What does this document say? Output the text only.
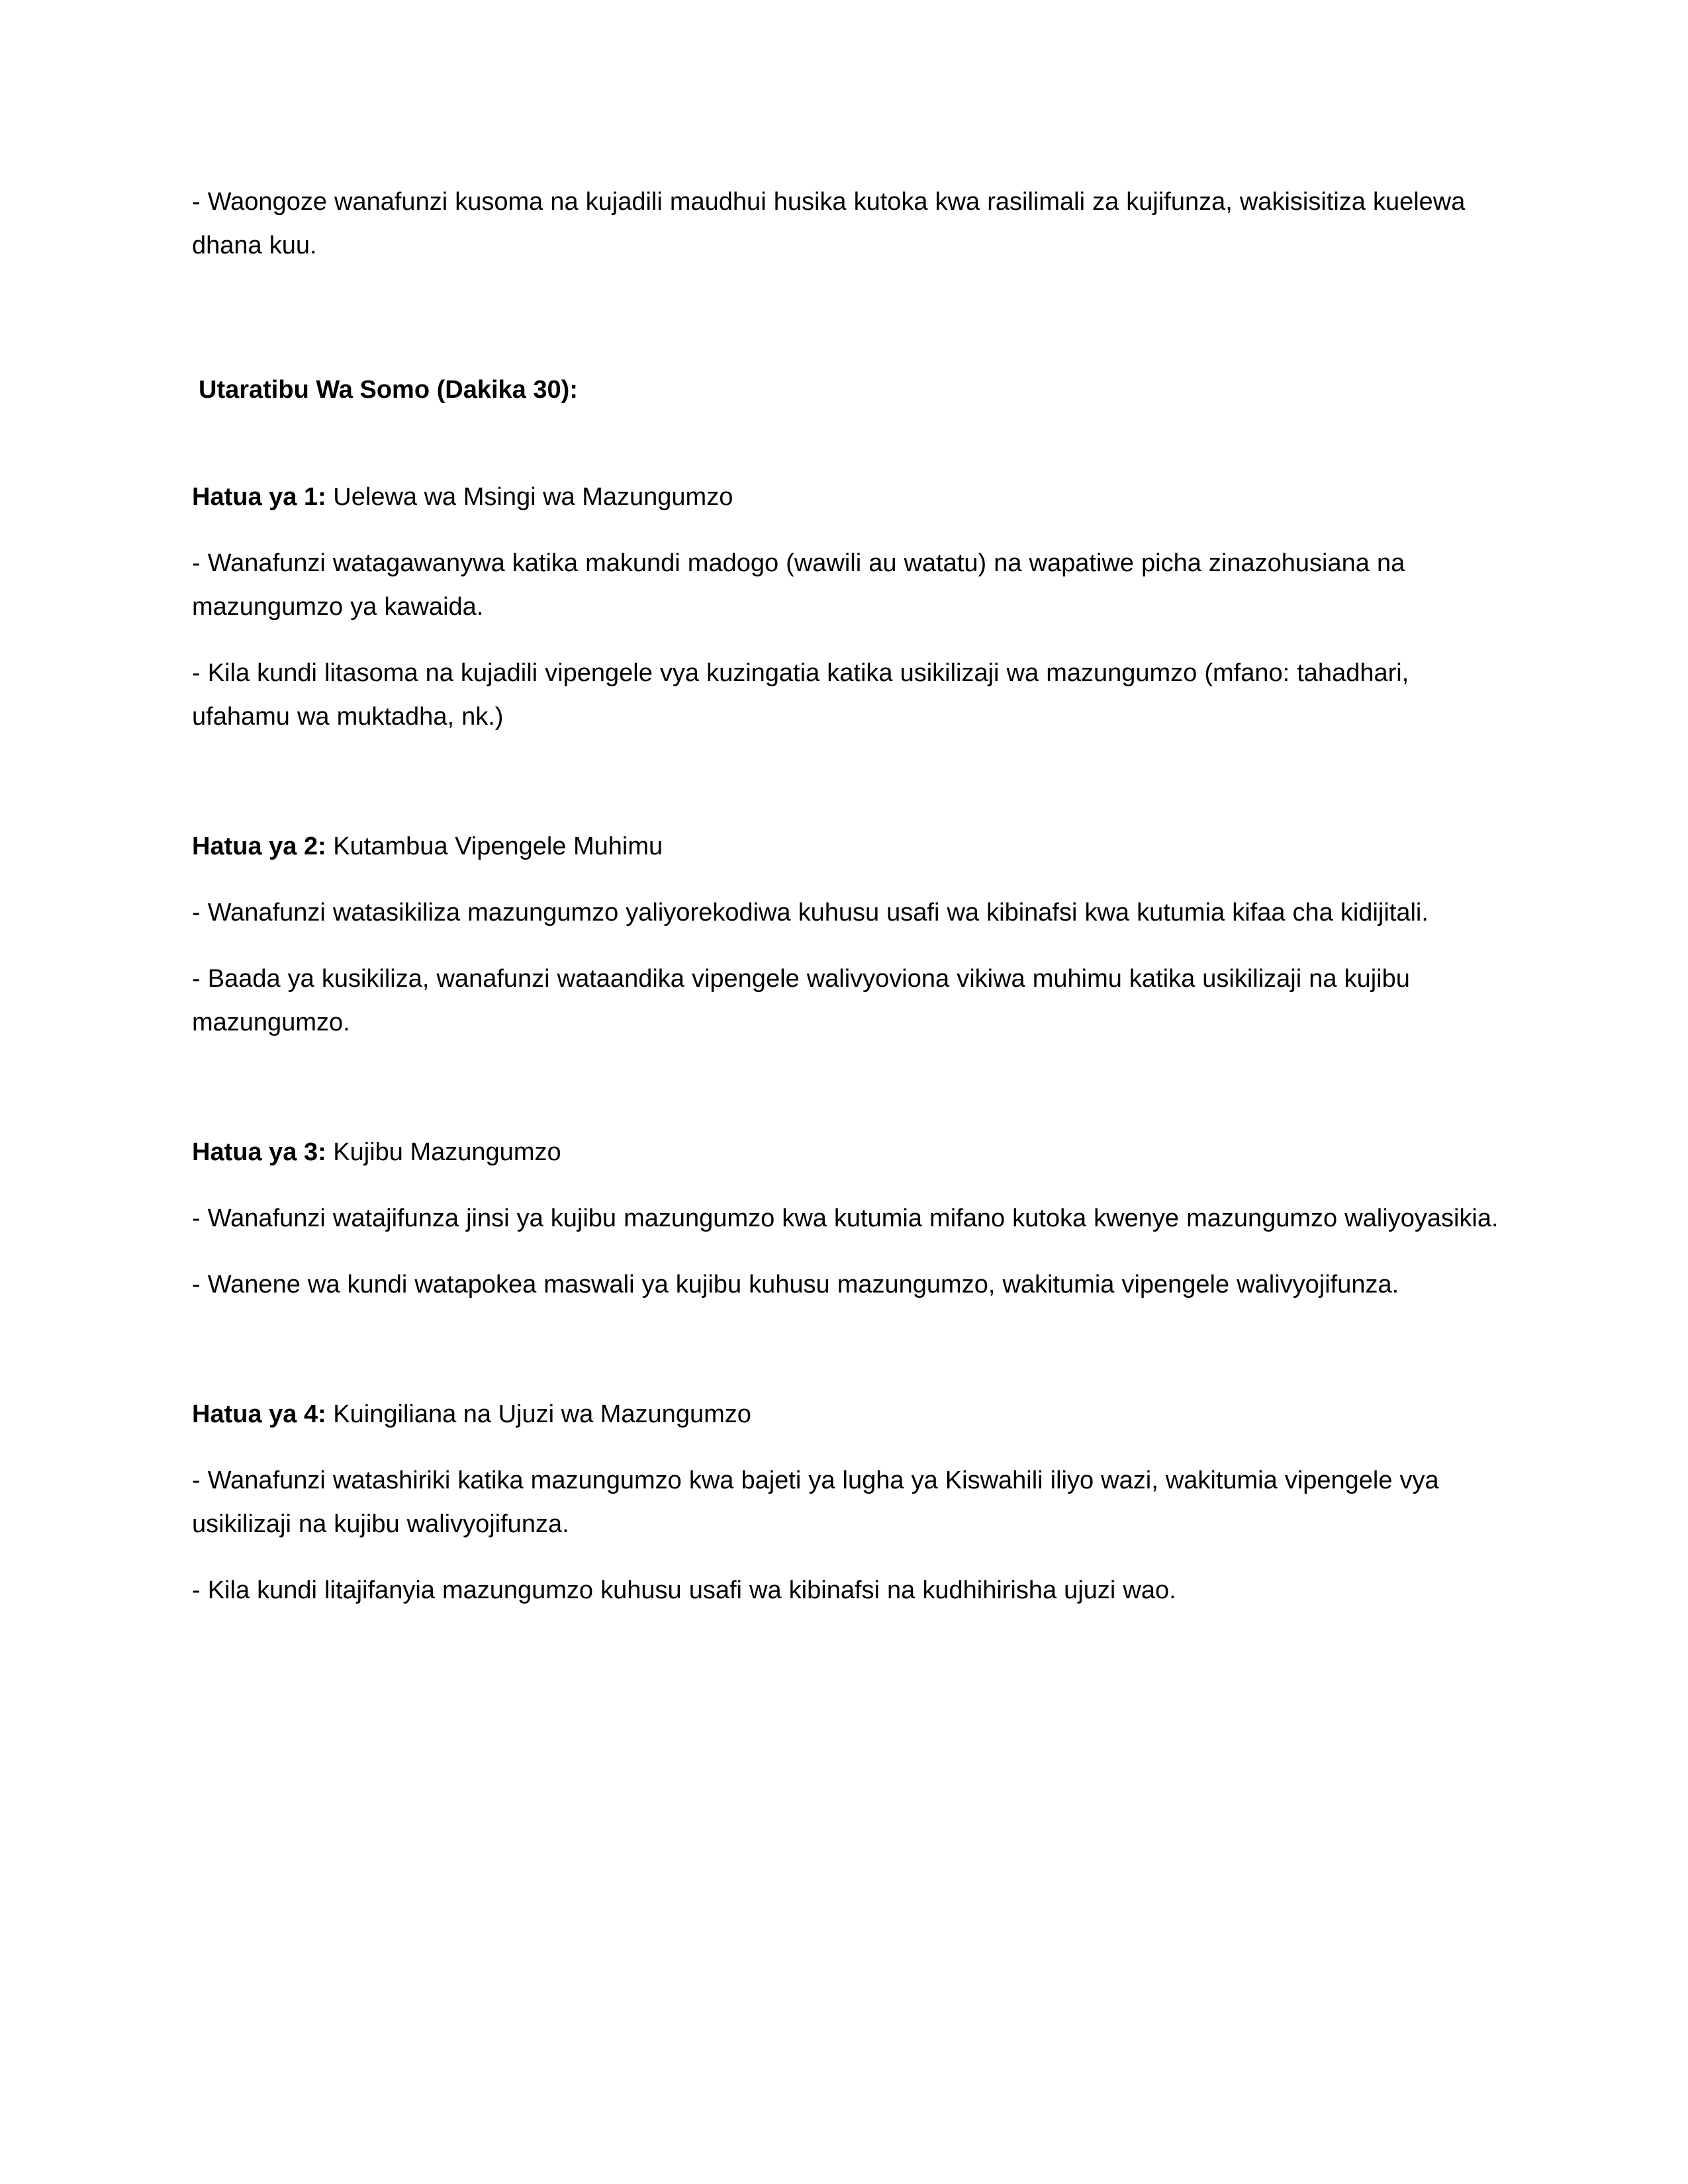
- Waongoze wanafunzi kusoma na kujadili maudhui husika kutoka kwa rasilimali za kujifunza, wakisisitiza kuelewa dhana kuu.

Utaratibu Wa Somo (Dakika 30):

Hatua ya 1: Uelewa wa Msingi wa Mazungumzo

- Wanafunzi watagawanywa katika makundi madogo (wawili au watatu) na wapatiwe picha zinazohusiana na mazungumzo ya kawaida.

- Kila kundi litasoma na kujadili vipengele vya kuzingatia katika usikilizaji wa mazungumzo (mfano: tahadhari, ufahamu wa muktadha, nk.)

Hatua ya 2: Kutambua Vipengele Muhimu

- Wanafunzi watasikiliza mazungumzo yaliyorekodiwa kuhusu usafi wa kibinafsi kwa kutumia kifaa cha kidijitali.

- Baada ya kusikiliza, wanafunzi wataandika vipengele walivyoviona vikiwa muhimu katika usikilizaji na kujibu mazungumzo.

Hatua ya 3: Kujibu Mazungumzo

- Wanafunzi watajifunza jinsi ya kujibu mazungumzo kwa kutumia mifano kutoka kwenye mazungumzo waliyoyasikia.

- Wanene wa kundi watapokea maswali ya kujibu kuhusu mazungumzo, wakitumia vipengele walivyojifunza.

Hatua ya 4: Kuingiliana na Ujuzi wa Mazungumzo

- Wanafunzi watashiriki katika mazungumzo kwa bajeti ya lugha ya Kiswahili iliyo wazi, wakitumia vipengele vya usikilizaji na kujibu walivyojifunza.

- Kila kundi litajifanyia mazungumzo kuhusu usafi wa kibinafsi na kudhihirisha ujuzi wao.
